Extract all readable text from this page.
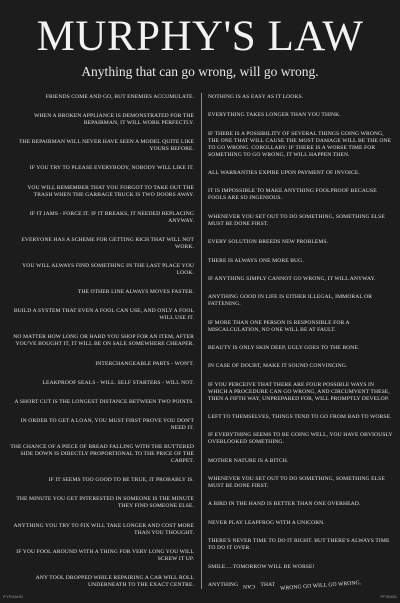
MURPHY'S LAW
Anything that can go wrong, will go wrong.
FRIENDS COME AND GO, BUT ENEMIES ACCUMULATE.
WHEN A BROKEN APPLIANCE IS DEMONSTRATED FOR THE REPAIRMAN, IT WILL WORK PERFECTLY.
THE REPAIRMAN WILL NEVER HAVE SEEN A MODEL QUITE LIKE YOURS BEFORE.
IF YOU TRY TO PLEASE EVERYBODY, NOBODY WILL LIKE IT.
YOU WILL REMEMBER THAT YOU FORGOT TO TAKE OUT THE TRASH WHEN THE GARBAGE TRUCK IS TWO DOORS AWAY.
IF IT JAMS - FORCE IT. IF IT BREAKS, IT NEEDED REPLACING ANYWAY.
EVERYONE HAS A SCHEME FOR GETTING RICH THAT WILL NOT WORK.
YOU WILL ALWAYS FIND SOMETHING IN THE LAST PLACE YOU LOOK.
THE OTHER LINE ALWAYS MOVES FASTER.
BUILD A SYSTEM THAT EVEN A FOOL CAN USE, AND ONLY A FOOL WILL USE IT.
NO MATTER HOW LONG OR HARD YOU SHOP FOR AN ITEM, AFTER YOU'VE BOUGHT IT, IT WILL BE ON SALE SOMEWHERE CHEAPER.
INTERCHANGEABLE PARTS - WON'T.
LEAKPROOF SEALS - WILL. SELF STARTERS - WILL NOT.
A SHORT CUT IS THE LONGEST DISTANCE BETWEEN TWO POINTS.
IN ORDER TO GET A LOAN, YOU MUST FIRST PROVE YOU DON'T NEED IT.
THE CHANCE OF A PIECE OF BREAD FALLING WITH THE BUTTERED SIDE DOWN IS DIRECTLY PROPORTIONAL TO THE PRICE OF THE CARPET.
IF IT SEEMS TOO GOOD TO BE TRUE, IT PROBABLY IS.
THE MINUTE YOU GET INTERESTED IN SOMEONE IS THE MINUTE THEY FIND SOMEONE ELSE.
ANYTHING YOU TRY TO FIX WILL TAKE LONGER AND COST MORE THAN YOU THOUGHT.
IF YOU FOOL AROUND WITH A THING FOR VERY LONG YOU WILL SCREW IT UP.
ANY TOOL DROPPED WHILE REPAIRING A CAR WILL ROLL UNDERNEATH TO THE EXACT CENTRE.
NOTHING IS AS EASY AS IT LOOKS.
EVERYTHING TAKES LONGER THAN YOU THINK.
IF THERE IS A POSSIBILITY OF SEVERAL THINGS GOING WRONG, THE ONE THAT WILL CAUSE THE MOST DAMAGE WILL BE THE ONE TO GO WRONG. COROLLARY: IF THERE IS A WORSE TIME FOR SOMETHING TO GO WRONG, IT WILL HAPPEN THEN.
ALL WARRANTIES EXPIRE UPON PAYMENT OF INVOICE.
IT IS IMPOSSIBLE TO MAKE ANYTHING FOOLPROOF BECAUSE FOOLS ARE SO INGENIOUS.
WHENEVER YOU SET OUT TO DO SOMETHING, SOMETHING ELSE MUST BE DONE FIRST.
EVERY SOLUTION BREEDS NEW PROBLEMS.
THERE IS ALWAYS ONE MORE BUG.
IF ANYTHING SIMPLY CANNOT GO WRONG, IT WILL ANYWAY.
ANYTHING GOOD IN LIFE IS EITHER ILLEGAL, IMMORAL OR FATTENING.
IF MORE THAN ONE PERSON IS RESPONSIBLE FOR A MISCALCULATION, NO ONE WILL BE AT FAULT.
BEAUTY IS ONLY SKIN DEEP, UGLY GOES TO THE BONE.
IN CASE OF DOUBT, MAKE IT SOUND CONVINCING.
IF YOU PERCEIVE THAT THERE ARE FOUR POSSIBLE WAYS IN WHICH A PROCEDURE CAN GO WRONG, AND CIRCUMVENT THESE, THEN A FIFTH WAY, UNPREPARED FOR, WILL PROMPTLY DEVELOP.
LEFT TO THEMSELVES, THINGS TEND TO GO FROM BAD TO WORSE.
IF EVERYTHING SEEMS TO BE GOING WELL, YOU HAVE OBVIOUSLY OVERLOOKED SOMETHING.
MOTHER NATURE IS A BITCH.
WHENEVER YOU SET OUT TO DO SOMETHING, SOMETHING ELSE MUST BE DONE FIRST.
A BIRD IN THE HAND IS BETTER THAN ONE OVERHEAD.
NEVER PLAY LEAPFROG WITH A UNICORN.
THERE'S NEVER TIME TO DO IT RIGHT. BUT THERE'S ALWAYS TIME TO DO IT OVER.
SMILE.....TOMORROW WILL BE WORSE!
ANYTHING CAN THAT WRONG GO WILL GO WRONG.
PYRAMID	PP30451
